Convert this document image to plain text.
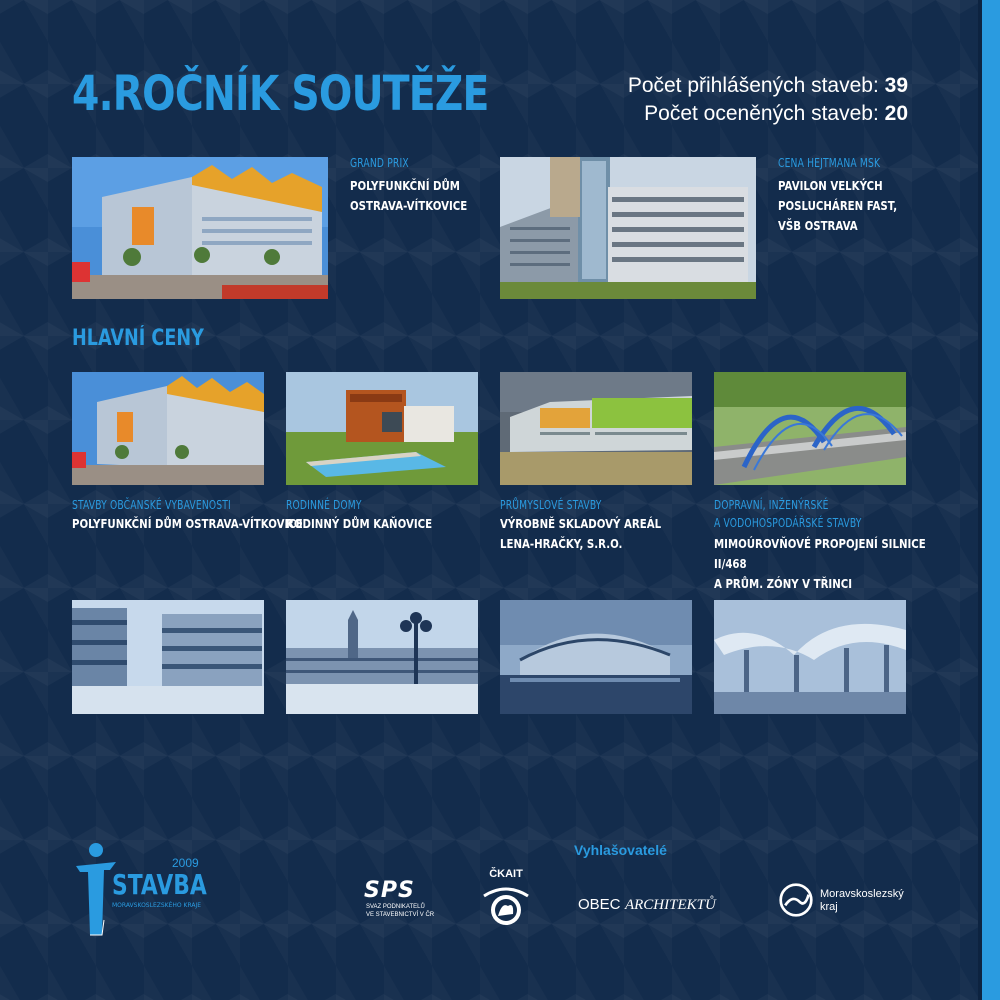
4.ROČNÍK SOUTĚŽE	Počet přihlášených staveb: 39
Počet oceněných staveb: 20
GRAND PRIX
POLYFUNKČNÍ DŮM
OSTRAVA-VÍTKOVICE
CENA HEJTMANA MSK
PAVILON VELKÝCH
POSLUCHÁREN FAST,
VŠB OSTRAVA
HLAVNÍ CENY
STAVBY OBČANSKÉ VYBAVENOSTI
POLYFUNKČNÍ DŮM OSTRAVA-VÍTKOVICE
RODINNÉ DOMY
RODINNÝ DŮM KAŇOVICE
PRŮMYSLOVÉ STAVBY
VÝROBNĚ SKLADOVÝ AREÁL
LENA-HRAČKY, S.R.O.
DOPRAVNÍ, INŽENÝRSKÉ
A VODOHOSPODÁŘSKÉ STAVBY
MIMOÚROVŇOVÉ PROPOJENÍ SILNICE II/468
A PRŮM. ZÓNY V TŘINCI
2009
STAVBA
MORAVSKOSLEZSKÉHO KRAJE
Vyhlašovatelé
SPS
SVAZ PODNIKATELŮ
VE STAVEBNICTVÍ V ČR
ČKAIT
OBEC ARCHITEKTŮ
Moravskoslezský
kraj
